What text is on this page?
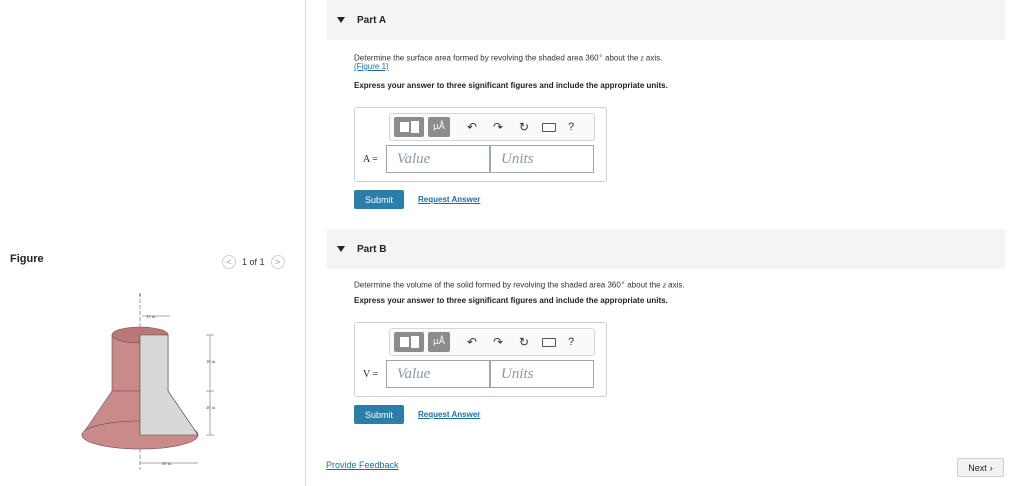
Figure	<	1 of 1	>
z
15 in.
18 in.
20 in.
30 in.
Part A
Determine the surface area formed by revolving the shaded area 360∘ about the z axis.
(Figure 1)
Express your answer to three significant figures and include the appropriate units.
μÅ	↶	↷	↻	?
A =	Value	Units
Submit	Request Answer
Part B
Determine the volume of the solid formed by revolving the shaded area 360∘ about the z axis.
Express your answer to three significant figures and include the appropriate units.
μÅ	↶	↷	↻	?
V =	Value	Units
Submit	Request Answer
Provide Feedback	Next ›
